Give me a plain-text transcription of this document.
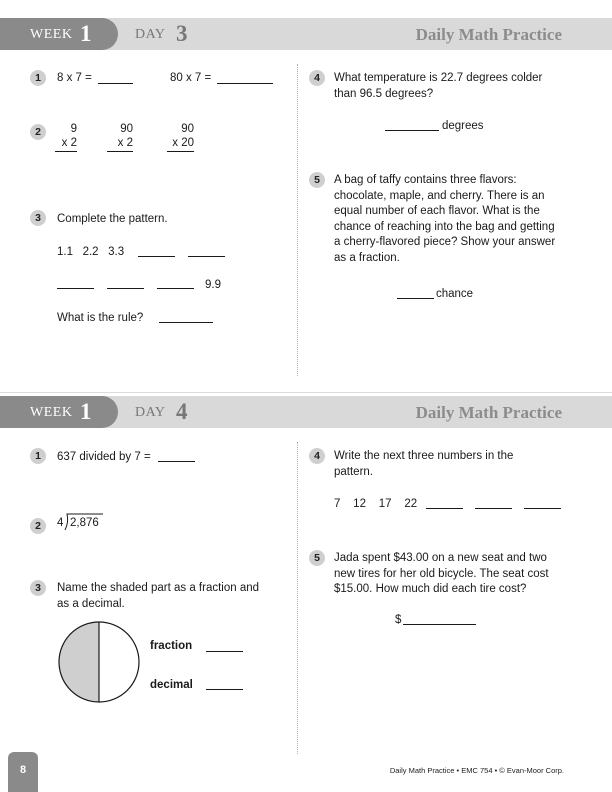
WEEK 1	DAY 3	Daily Math Practice
1	8 x 7 =	80 x 7 =
2	9
x 2
90
x 2
90
x 20
3	Complete the pattern.
1.1   2.2   3.3
9.9
What is the rule?
4	What temperature is 22.7 degrees colder than 96.5 degrees?
degrees
5	A bag of taffy contains three flavors: chocolate, maple, and cherry. There is an equal number of each flavor. What is the chance of reaching into the bag and getting a cherry-flavored piece? Show your answer as a fraction.
chance
WEEK 1	DAY 4	Daily Math Practice
1	637 divided by 7 =
2	4 2,876
3	Name the shaded part as a fraction and as a decimal.
fraction
decimal
4	Write the next three numbers in the pattern.
7    12    17    22
5	Jada spent $43.00 on a new seat and two new tires for her old bicycle. The seat cost $15.00. How much did each tire cost?
$
8	Daily Math Practice • EMC 754 • © Evan-Moor Corp.
